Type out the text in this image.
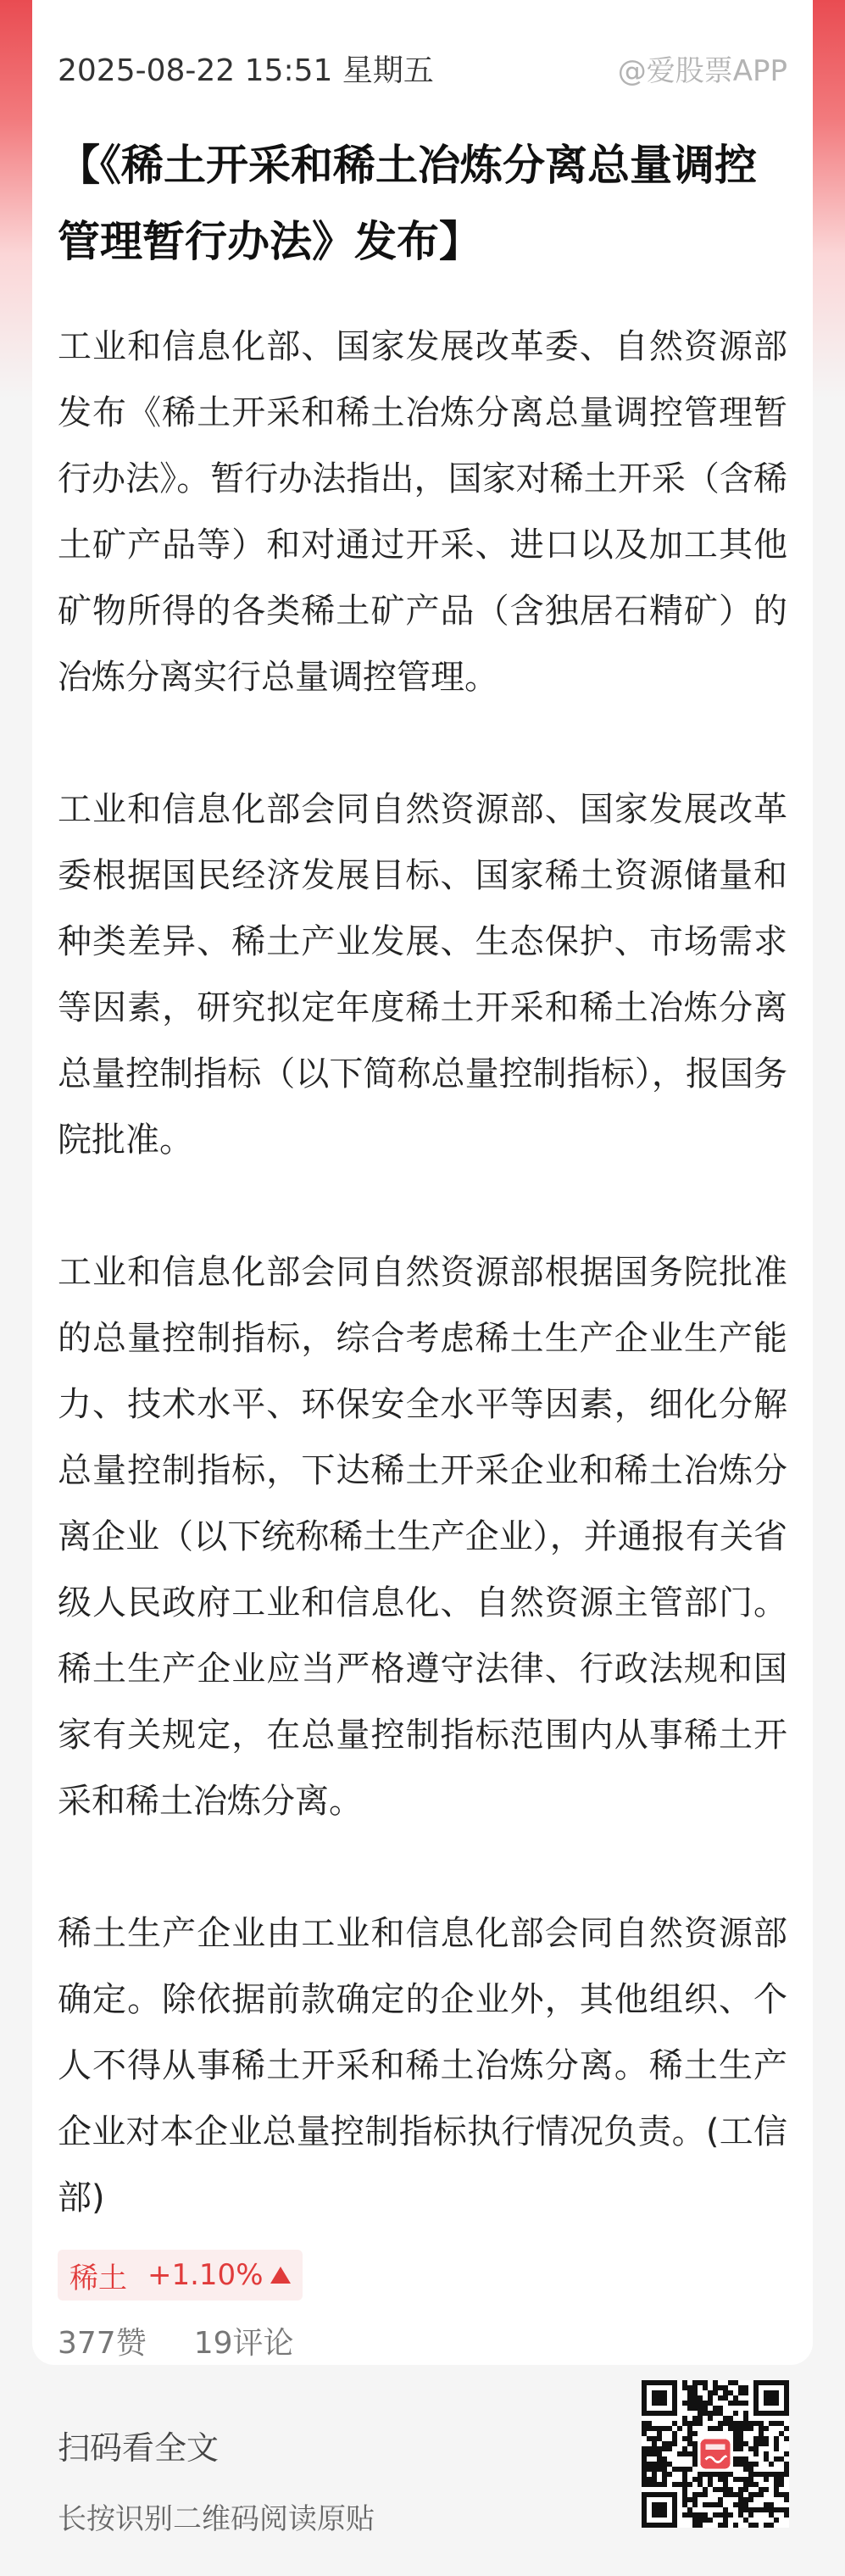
2025-08-22 15:51 星期五	@爱股票APP
【《稀土开采和稀土冶炼分离总量调控管理暂行办法》发布】

工业和信息化部、国家发展改革委、自然资源部发布《稀土开采和稀土冶炼分离总量调控管理暂行办法》。暂行办法指出，国家对稀土开采（含稀土矿产品等）和对通过开采、进口以及加工其他矿物所得的各类稀土矿产品（含独居石精矿）的冶炼分离实行总量调控管理。

工业和信息化部会同自然资源部、国家发展改革委根据国民经济发展目标、国家稀土资源储量和种类差异、稀土产业发展、生态保护、市场需求等因素，研究拟定年度稀土开采和稀土冶炼分离总量控制指标（以下简称总量控制指标），报国务院批准。

工业和信息化部会同自然资源部根据国务院批准的总量控制指标，综合考虑稀土生产企业生产能力、技术水平、环保安全水平等因素，细化分解总量控制指标，下达稀土开采企业和稀土冶炼分离企业（以下统称稀土生产企业），并通报有关省级人民政府工业和信息化、自然资源主管部门。稀土生产企业应当严格遵守法律、行政法规和国家有关规定，在总量控制指标范围内从事稀土开采和稀土冶炼分离。

稀土生产企业由工业和信息化部会同自然资源部确定。除依据前款确定的企业外，其他组织、个人不得从事稀土开采和稀土冶炼分离。稀土生产企业对本企业总量控制指标执行情况负责。(工信部)

稀土 +1.10%
377赞 19评论
扫码看全文
长按识别二维码阅读原贴
